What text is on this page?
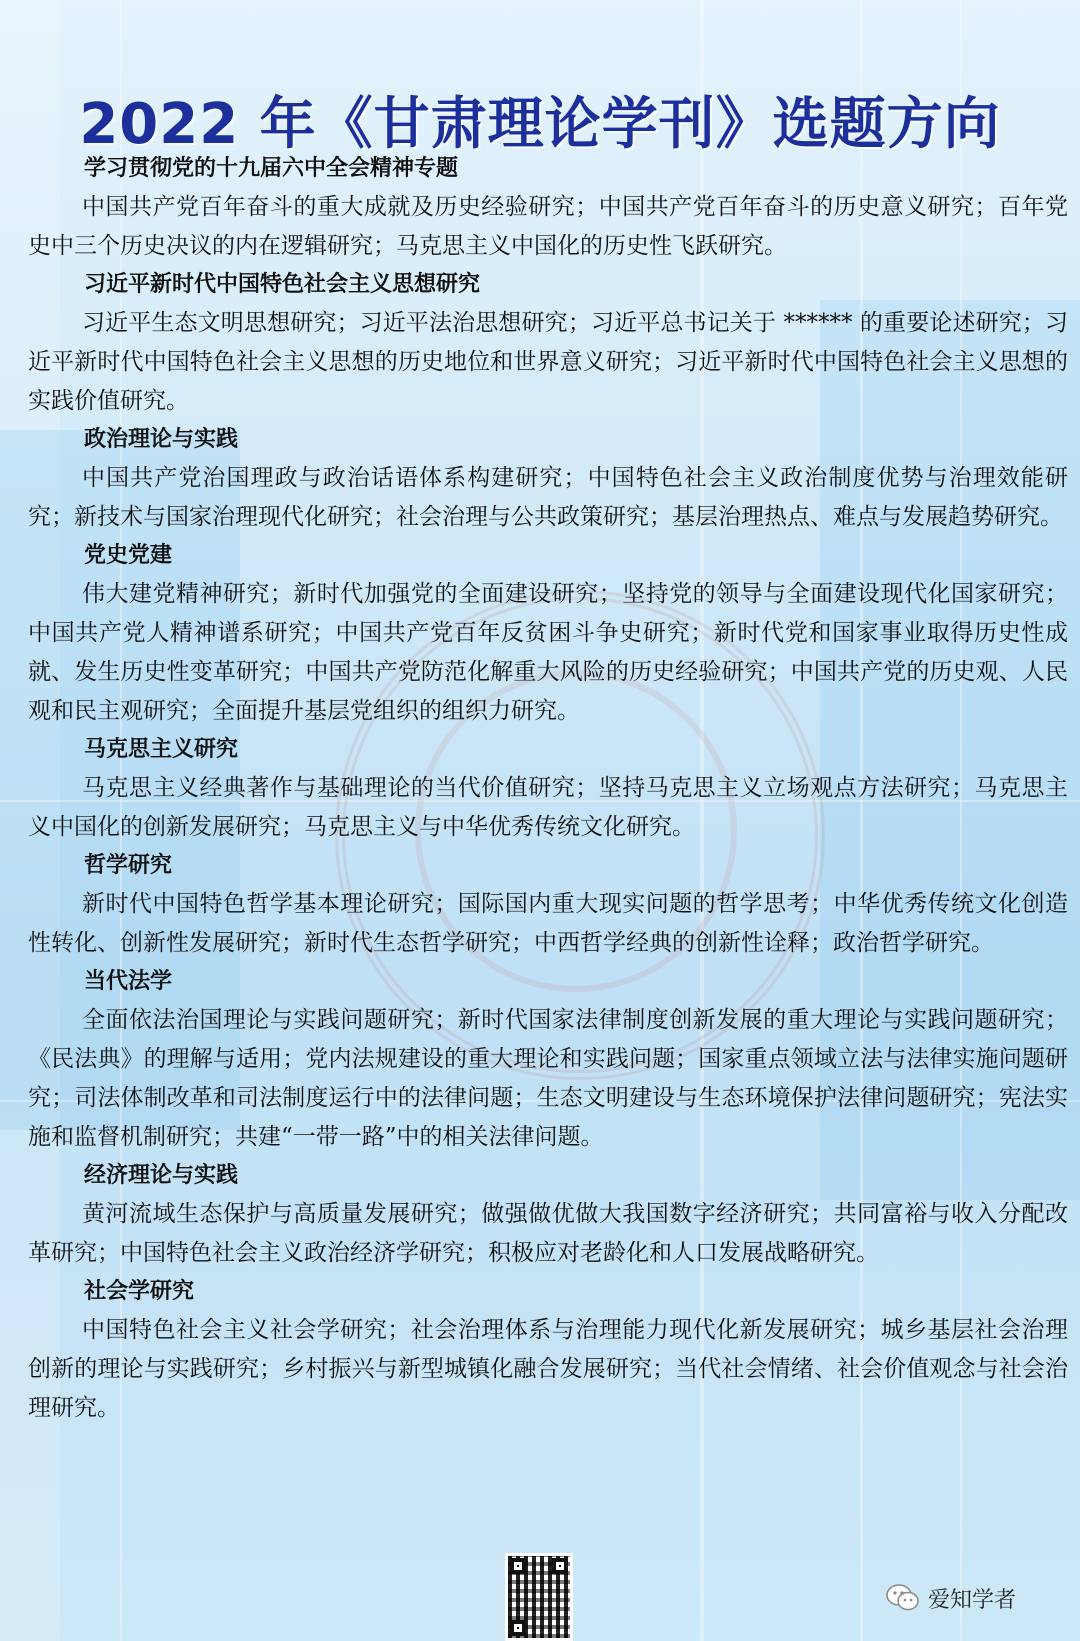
2022 年《甘肃理论学刊》选题方向
学习贯彻党的十九届六中全会精神专题

中国共产党百年奋斗的重大成就及历史经验研究；中国共产党百年奋斗的历史意义研究；百年党史中三个历史决议的内在逻辑研究；马克思主义中国化的历史性飞跃研究。

习近平新时代中国特色社会主义思想研究

习近平生态文明思想研究；习近平法治思想研究；习近平总书记关于 ****** 的重要论述研究；习近平新时代中国特色社会主义思想的历史地位和世界意义研究；习近平新时代中国特色社会主义思想的实践价值研究。

政治理论与实践

中国共产党治国理政与政治话语体系构建研究；中国特色社会主义政治制度优势与治理效能研究；新技术与国家治理现代化研究；社会治理与公共政策研究；基层治理热点、难点与发展趋势研究。

党史党建

伟大建党精神研究；新时代加强党的全面建设研究；坚持党的领导与全面建设现代化国家研究；中国共产党人精神谱系研究；中国共产党百年反贫困斗争史研究；新时代党和国家事业取得历史性成就、发生历史性变革研究；中国共产党防范化解重大风险的历史经验研究；中国共产党的历史观、人民观和民主观研究；全面提升基层党组织的组织力研究。

马克思主义研究

马克思主义经典著作与基础理论的当代价值研究；坚持马克思主义立场观点方法研究；马克思主义中国化的创新发展研究；马克思主义与中华优秀传统文化研究。

哲学研究

新时代中国特色哲学基本理论研究；国际国内重大现实问题的哲学思考；中华优秀传统文化创造性转化、创新性发展研究；新时代生态哲学研究；中西哲学经典的创新性诠释；政治哲学研究。

当代法学

全面依法治国理论与实践问题研究；新时代国家法律制度创新发展的重大理论与实践问题研究；《民法典》的理解与适用；党内法规建设的重大理论和实践问题；国家重点领域立法与法律实施问题研究；司法体制改革和司法制度运行中的法律问题；生态文明建设与生态环境保护法律问题研究；宪法实施和监督机制研究；共建“一带一路”中的相关法律问题。

经济理论与实践

黄河流域生态保护与高质量发展研究；做强做优做大我国数字经济研究；共同富裕与收入分配改革研究；中国特色社会主义政治经济学研究；积极应对老龄化和人口发展战略研究。

社会学研究

中国特色社会主义社会学研究；社会治理体系与治理能力现代化新发展研究；城乡基层社会治理创新的理论与实践研究；乡村振兴与新型城镇化融合发展研究；当代社会情绪、社会价值观念与社会治理研究。

爱知学者
